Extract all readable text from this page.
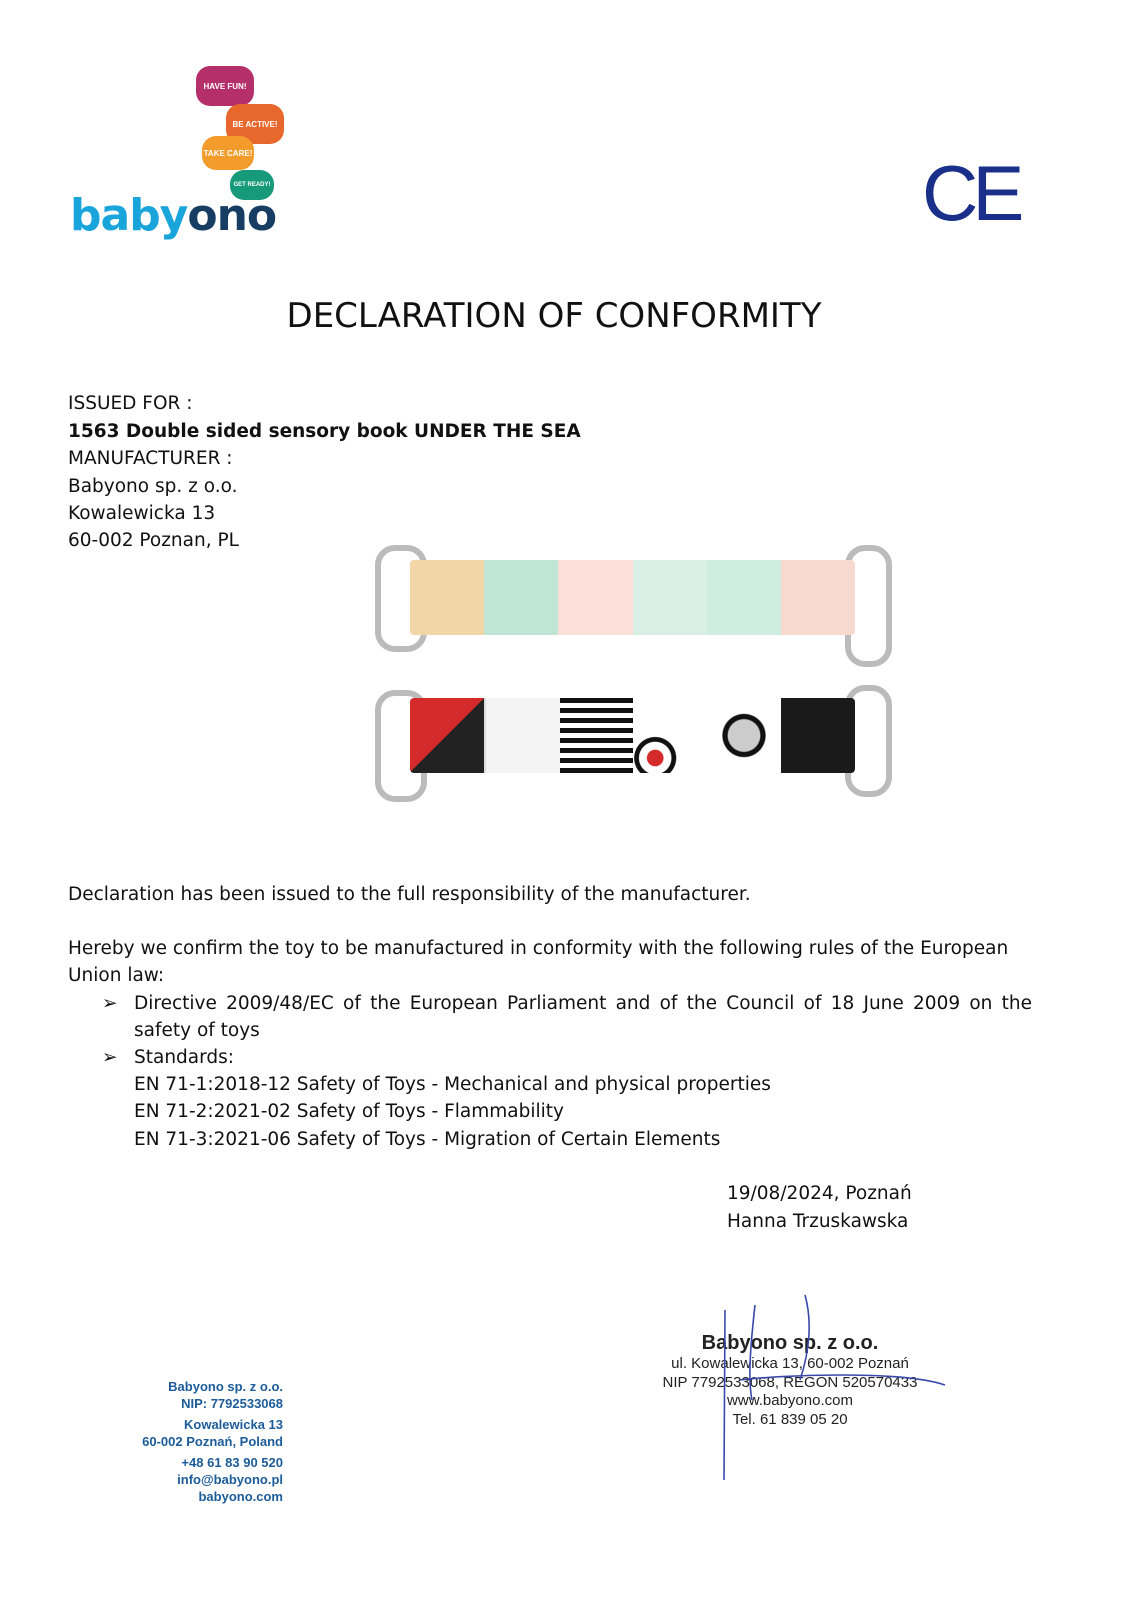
HAVE FUN!
BE ACTIVE!
TAKE CARE!
GET READY!
babyono	CE
DECLARATION OF CONFORMITY
ISSUED FOR :
1563 Double sided sensory book UNDER THE SEA
MANUFACTURER :
Babyono sp. z o.o.
Kowalewicka 13
60-002 Poznan, PL
Declaration has been issued to the full responsibility of the manufacturer.
Hereby we confirm the toy to be manufactured in conformity with the following rules of the European
Union law:
➢ Directive 2009/48/EC of the European Parliament and of the Council of 18 June 2009 on the
safety of toys
➢ Standards:
EN 71-1:2018-12 Safety of Toys - Mechanical and physical properties
EN 71-2:2021-02 Safety of Toys - Flammability
EN 71-3:2021-06 Safety of Toys - Migration of Certain Elements
19/08/2024, Poznań
Hanna Trzuskawska
Babyono sp. z o.o.
NIP: 7792533068
Kowalewicka 13
60-002 Poznań, Poland
+48 61 83 90 520
info@babyono.pl
babyono.com
Babyono sp. z o.o.
ul. Kowalewicka 13, 60-002 Poznań
NIP 7792533068, REGON 520570433
www.babyono.com
Tel. 61 839 05 20
